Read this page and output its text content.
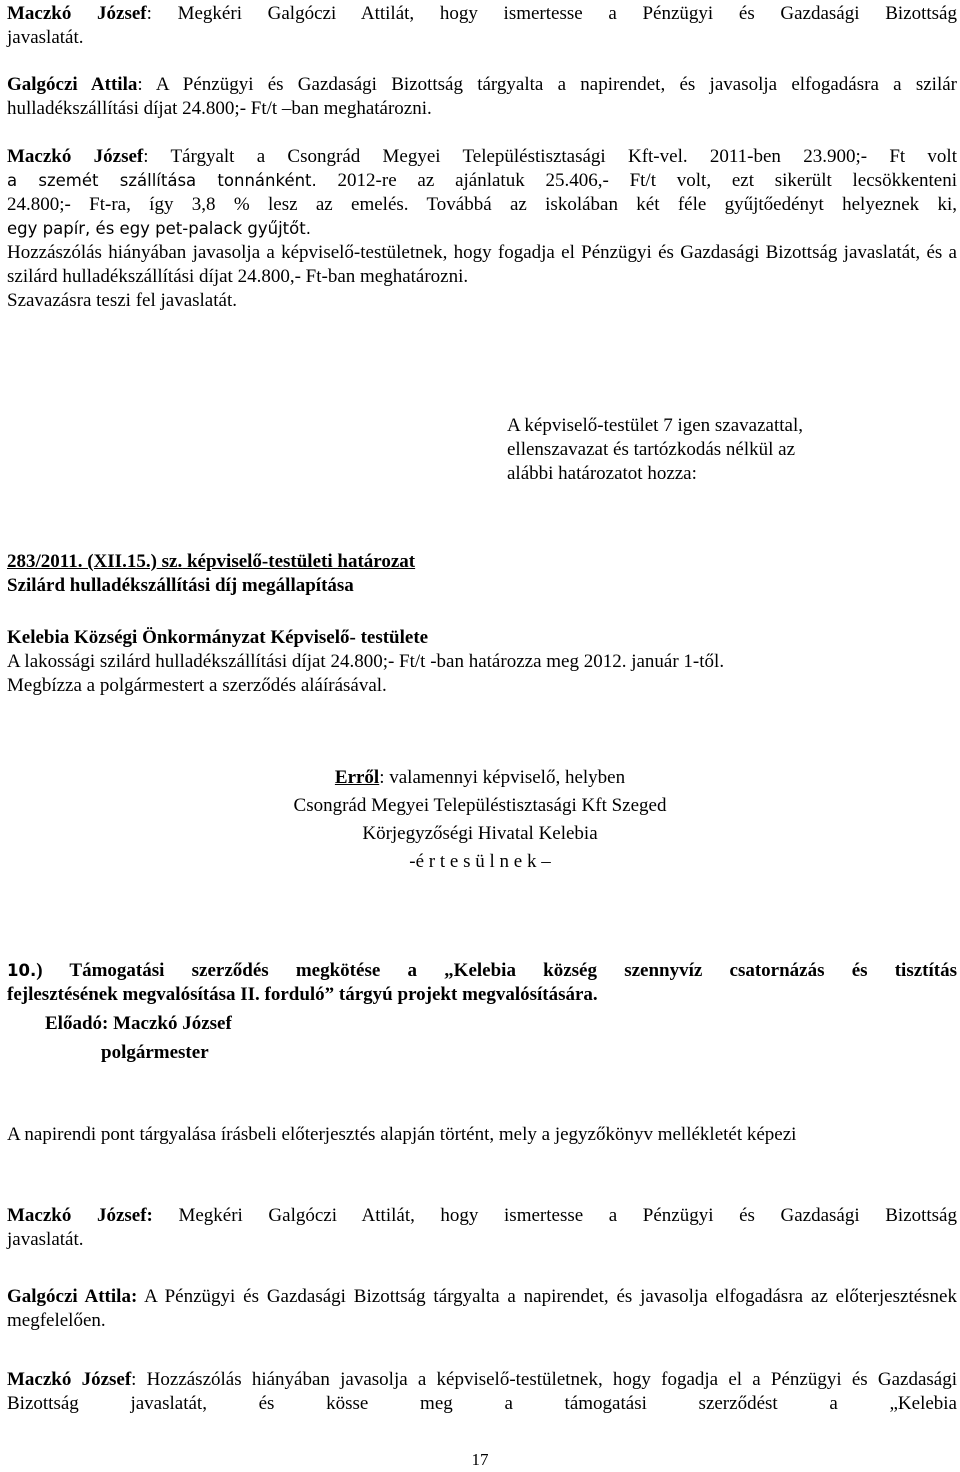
Maczkó József: Megkéri Galgóczi Attilát, hogy ismertesse a Pénzügyi és Gazdasági Bizottság

javaslatát.

Galgóczi Attila: A Pénzügyi és Gazdasági Bizottság tárgyalta a napirendet, és javasolja elfogadásra a szilár hulladékszállítási díjat 24.800;- Ft/t –ban meghatározni.

Maczkó József: Tárgyalt a Csongrád Megyei Településtisztasági Kft-vel. 2011-ben 23.900;- Ft volt

a szemét szállítása tonnánként. 2012-re az ajánlatuk 25.406,- Ft/t volt, ezt sikerült lecsökkenteni

24.800;- Ft-ra, így 3,8 % lesz az emelés. Továbbá az iskolában két féle gyűjtőedényt helyeznek ki,

egy papír, és egy pet-palack gyűjtőt.

Hozzászólás hiányában javasolja a képviselő-testületnek, hogy fogadja el Pénzügyi és Gazdasági Bizottság javaslatát, és a szilárd hulladékszállítási díjat 24.800,- Ft-ban meghatározni.

Szavazásra teszi fel javaslatát.

A képviselő-testület 7 igen szavazattal,

ellenszavazat és tartózkodás nélkül az

alábbi határozatot hozza:

283/2011. (XII.15.) sz. képviselő-testületi határozat

Szilárd hulladékszállítási díj megállapítása

Kelebia Községi Önkormányzat Képviselő- testülete

A lakossági szilárd hulladékszállítási díjat 24.800;- Ft/t -ban határozza meg 2012. január 1-től.

Megbízza a polgármestert a szerződés aláírásával.

Erről: valamennyi képviselő, helyben

Csongrád Megyei Településtisztasági Kft Szeged

Körjegyzőségi Hivatal Kelebia

-é r t e s ü l n e k –

10.) Támogatási szerződés megkötése a „Kelebia község szennyvíz csatornázás és tisztítás

fejlesztésének megvalósítása II. forduló” tárgyú projekt megvalósítására.

Előadó: Maczkó József

polgármester

A napirendi pont tárgyalása írásbeli előterjesztés alapján történt, mely a jegyzőkönyv mellékletét képezi

Maczkó József: Megkéri Galgóczi Attilát, hogy ismertesse a Pénzügyi és Gazdasági Bizottság

javaslatát.

Galgóczi Attila: A Pénzügyi és Gazdasági Bizottság tárgyalta a napirendet, és javasolja elfogadásra az előterjesztésnek megfelelően.

Maczkó József: Hozzászólás hiányában javasolja a képviselő-testületnek, hogy fogadja el a Pénzügyi és Gazdasági Bizottság javaslatát, és kösse meg a támogatási szerződést a „Kelebia

17
